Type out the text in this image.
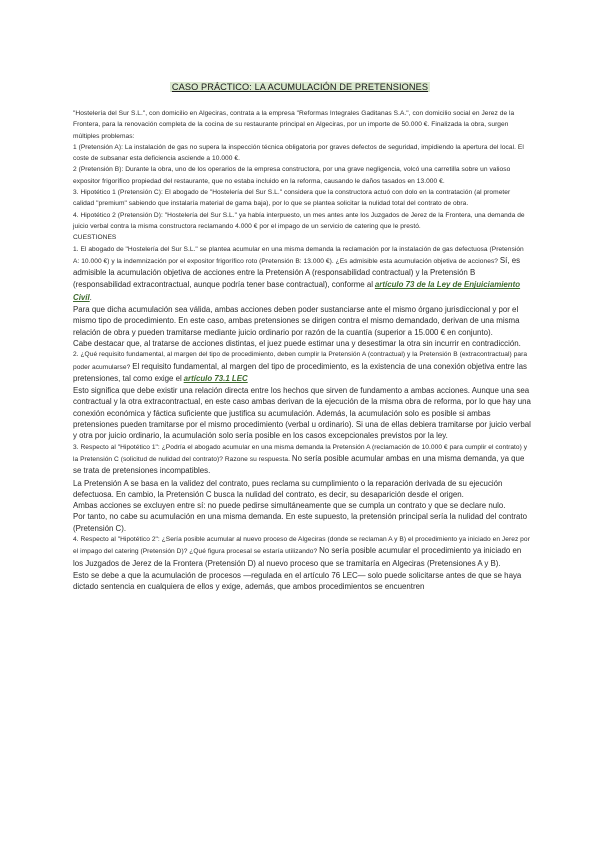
CASO PRÁCTICO: LA ACUMULACIÓN DE PRETENSIONES

"Hostelería del Sur S.L.", con domicilio en Algeciras, contrata a la empresa "Reformas Integrales Gaditanas S.A.", con domicilio social en Jerez de la Frontera, para la renovación completa de la cocina de su restaurante principal en Algeciras, por un importe de 50.000 €. Finalizada la obra, surgen múltiples problemas:

1 (Pretensión A): La instalación de gas no supera la inspección técnica obligatoria por graves defectos de seguridad, impidiendo la apertura del local. El coste de subsanar esta deficiencia asciende a 10.000 €.

2 (Pretensión B): Durante la obra, uno de los operarios de la empresa constructora, por una grave negligencia, volcó una carretilla sobre un valioso expositor frigorífico propiedad del restaurante, que no estaba incluido en la reforma, causando le daños tasados en 13.000 €.

3. Hipotético 1 (Pretensión C): El abogado de "Hostelería del Sur S.L." considera que la constructora actuó con dolo en la contratación (al prometer calidad "premium" sabiendo que instalaría material de gama baja), por lo que se plantea solicitar la nulidad total del contrato de obra.

4. Hipotético 2 (Pretensión D): "Hostelería del Sur S.L." ya había interpuesto, un mes antes ante los Juzgados de Jerez de la Frontera, una demanda de juicio verbal contra la misma constructora reclamando 4.000 € por el impago de un servicio de catering que le prestó.

CUESTIONES

1. El abogado de "Hostelería del Sur S.L." se plantea acumular en una misma demanda la reclamación por la instalación de gas defectuosa (Pretensión A: 10.000 €) y la indemnización por el expositor frigorífico roto (Pretensión B: 13.000 €). ¿Es admisible esta acumulación objetiva de acciones? Sí, es admisible la acumulación objetiva de acciones entre la Pretensión A (responsabilidad contractual) y la Pretensión B (responsabilidad extracontractual, aunque podría tener base contractual), conforme al artículo 73 de la Ley de Enjuiciamiento Civil.

Para que dicha acumulación sea válida, ambas acciones deben poder sustanciarse ante el mismo órgano jurisdiccional y por el mismo tipo de procedimiento. En este caso, ambas pretensiones se dirigen contra el mismo demandado, derivan de una misma relación de obra y pueden tramitarse mediante juicio ordinario por razón de la cuantía (superior a 15.000 € en conjunto).

Cabe destacar que, al tratarse de acciones distintas, el juez puede estimar una y desestimar la otra sin incurrir en contradicción.

2. ¿Qué requisito fundamental, al margen del tipo de procedimiento, deben cumplir la Pretensión A (contractual) y la Pretensión B (extracontractual) para poder acumularse? El requisito fundamental, al margen del tipo de procedimiento, es la existencia de una conexión objetiva entre las pretensiones, tal como exige el artículo 73.1 LEC

Esto significa que debe existir una relación directa entre los hechos que sirven de fundamento a ambas acciones. Aunque una sea contractual y la otra extracontractual, en este caso ambas derivan de la ejecución de la misma obra de reforma, por lo que hay una conexión económica y fáctica suficiente que justifica su acumulación. Además, la acumulación solo es posible si ambas pretensiones pueden tramitarse por el mismo procedimiento (verbal u ordinario). Si una de ellas debiera tramitarse por juicio verbal y otra por juicio ordinario, la acumulación solo sería posible en los casos excepcionales previstos por la ley.

3. Respecto al "Hipotético 1": ¿Podría el abogado acumular en una misma demanda la Pretensión A (reclamación de 10.000 € para cumplir el contrato) y la Pretensión C (solicitud de nulidad del contrato)? Razone su respuesta. No sería posible acumular ambas en una misma demanda, ya que se trata de pretensiones incompatibles.

La Pretensión A se basa en la validez del contrato, pues reclama su cumplimiento o la reparación derivada de su ejecución defectuosa. En cambio, la Pretensión C busca la nulidad del contrato, es decir, su desaparición desde el origen.

Ambas acciones se excluyen entre sí: no puede pedirse simultáneamente que se cumpla un contrato y que se declare nulo.

Por tanto, no cabe su acumulación en una misma demanda. En este supuesto, la pretensión principal sería la nulidad del contrato (Pretensión C).

4. Respecto al "Hipotético 2": ¿Sería posible acumular al nuevo proceso de Algeciras (donde se reclaman A y B) el procedimiento ya iniciado en Jerez por el impago del catering (Pretensión D)? ¿Qué figura procesal se estaría utilizando? No sería posible acumular el procedimiento ya iniciado en los Juzgados de Jerez de la Frontera (Pretensión D) al nuevo proceso que se tramitaría en Algeciras (Pretensiones A y B).

Esto se debe a que la acumulación de procesos —regulada en el artículo 76 LEC— solo puede solicitarse antes de que se haya dictado sentencia en cualquiera de ellos y exige, además, que ambos procedimientos se encuentren
